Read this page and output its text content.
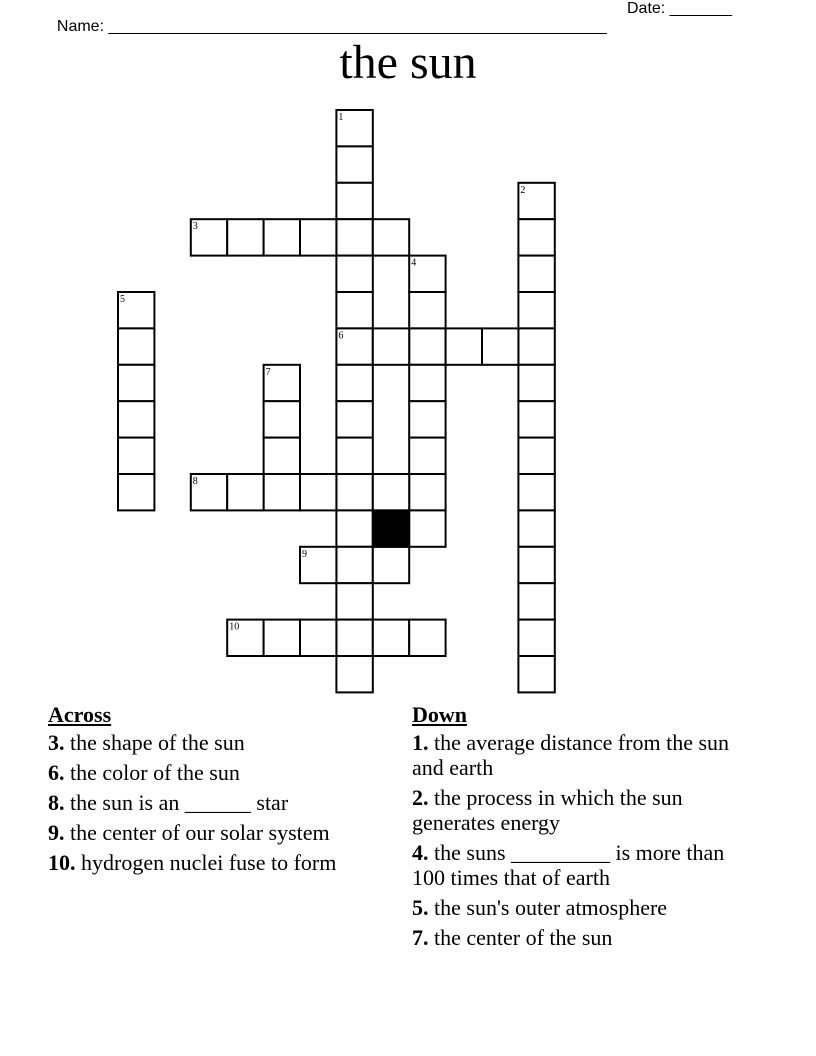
Name: ________________________________________________________

Date: _______

the sun
1
2
3
4
5
6
7
8
9
10
Across
3. the shape of the sun
6. the color of the sun
8. the sun is an ______ star
9. the center of our solar system
10. hydrogen nuclei fuse to form
Down
1. the average distance from the sun and earth
2. the process in which the sun generates energy
4. the suns _________ is more than 100 times that of earth
5. the sun's outer atmosphere
7. the center of the sun
